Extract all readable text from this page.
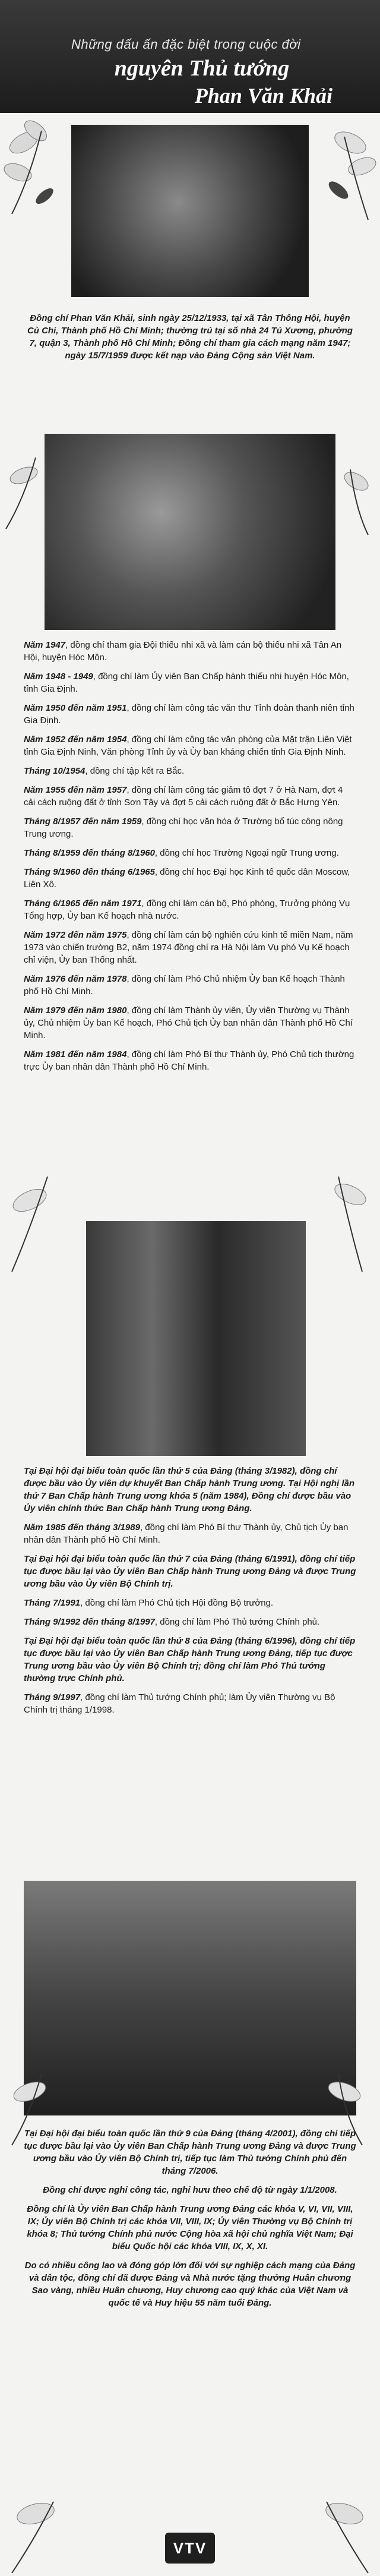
Những dấu ấn đặc biệt trong cuộc đời
nguyên Thủ tướng
Phan Văn Khải
Đồng chí Phan Văn Khải, sinh ngày 25/12/1933, tại xã Tân Thông Hội, huyện Củ Chi, Thành phố Hồ Chí Minh; thường trú tại số nhà 24 Tú Xương, phường 7, quận 3, Thành phố Hồ Chí Minh; Đồng chí tham gia cách mạng năm 1947; ngày 15/7/1959 được kết nạp vào Đảng Cộng sản Việt Nam.

Năm 1947, đồng chí tham gia Đội thiếu nhi xã và làm cán bộ thiếu nhi xã Tân An Hội, huyện Hóc Môn.

Năm 1948 - 1949, đồng chí làm Ủy viên Ban Chấp hành thiếu nhi huyện Hóc Môn, tỉnh Gia Định.

Năm 1950 đến năm 1951, đồng chí làm công tác văn thư Tỉnh đoàn thanh niên tỉnh Gia Định.

Năm 1952 đến năm 1954, đồng chí làm công tác văn phòng của Mặt trận Liên Việt tỉnh Gia Định Ninh, Văn phòng Tỉnh ủy và Ủy ban kháng chiến tỉnh Gia Định Ninh.

Tháng 10/1954, đồng chí tập kết ra Bắc.

Năm 1955 đến năm 1957, đồng chí làm công tác giảm tô đợt 7 ở Hà Nam, đợt 4 cải cách ruộng đất ở tỉnh Sơn Tây và đợt 5 cải cách ruộng đất ở Bắc Hưng Yên.

Tháng 8/1957 đến năm 1959, đồng chí học văn hóa ở Trường bổ túc công nông Trung ương.

Tháng 8/1959 đến tháng 8/1960, đồng chí học Trường Ngoại ngữ Trung ương.

Tháng 9/1960 đến tháng 6/1965, đồng chí học Đại học Kinh tế quốc dân Moscow, Liên Xô.

Tháng 6/1965 đến năm 1971, đồng chí làm cán bộ, Phó phòng, Trưởng phòng Vụ Tổng hợp, Ủy ban Kế hoạch nhà nước.

Năm 1972 đến năm 1975, đồng chí làm cán bộ nghiên cứu kinh tế miền Nam, năm 1973 vào chiến trường B2, năm 1974 đồng chí ra Hà Nội làm Vụ phó Vụ Kế hoạch chỉ viện, Ủy ban Thống nhất.

Năm 1976 đến năm 1978, đồng chí làm Phó Chủ nhiệm Ủy ban Kế hoạch Thành phố Hồ Chí Minh.

Năm 1979 đến năm 1980, đồng chí làm Thành ủy viên, Ủy viên Thường vụ Thành ủy, Chủ nhiệm Ủy ban Kế hoạch, Phó Chủ tịch Ủy ban nhân dân Thành phố Hồ Chí Minh.

Năm 1981 đến năm 1984, đồng chí làm Phó Bí thư Thành ủy, Phó Chủ tịch thường trực Ủy ban nhân dân Thành phố Hồ Chí Minh.

Tại Đại hội đại biểu toàn quốc lần thứ 5 của Đảng (tháng 3/1982), đồng chí được bầu vào Ủy viên dự khuyết Ban Chấp hành Trung ương. Tại Hội nghị lần thứ 7 Ban Chấp hành Trung ương khóa 5 (năm 1984), Đồng chí được bầu vào Ủy viên chính thức Ban Chấp hành Trung ương Đảng.

Năm 1985 đến tháng 3/1989, đồng chí làm Phó Bí thư Thành ủy, Chủ tịch Ủy ban nhân dân Thành phố Hồ Chí Minh.

Tại Đại hội đại biểu toàn quốc lần thứ 7 của Đảng (tháng 6/1991), đồng chí tiếp tục được bầu lại vào Ủy viên Ban Chấp hành Trung ương Đảng và được Trung ương bầu vào Ủy viên Bộ Chính trị.

Tháng 7/1991, đồng chí làm Phó Chủ tịch Hội đồng Bộ trưởng.

Tháng 9/1992 đến tháng 8/1997, đồng chí làm Phó Thủ tướng Chính phủ.

Tại Đại hội đại biểu toàn quốc lần thứ 8 của Đảng (tháng 6/1996), đồng chí tiếp tục được bầu lại vào Ủy viên Ban Chấp hành Trung ương Đảng, tiếp tục được Trung ương bầu vào Ủy viên Bộ Chính trị; đồng chí làm Phó Thủ tướng thường trực Chính phủ.

Tháng 9/1997, đồng chí làm Thủ tướng Chính phủ; làm Ủy viên Thường vụ Bộ Chính trị tháng 1/1998.

Tại Đại hội đại biểu toàn quốc lần thứ 9 của Đảng (tháng 4/2001), đồng chí tiếp tục được bầu lại vào Ủy viên Ban Chấp hành Trung ương Đảng và được Trung ương bầu vào Ủy viên Bộ Chính trị, tiếp tục làm Thủ tướng Chính phủ đến tháng 7/2006.

Đồng chí được nghỉ công tác, nghỉ hưu theo chế độ từ ngày 1/1/2008.

Đồng chí là Ủy viên Ban Chấp hành Trung ương Đảng các khóa V, VI, VII, VIII, IX; Ủy viên Bộ Chính trị các khóa VII, VIII, IX; Ủy viên Thường vụ Bộ Chính trị khóa 8; Thủ tướng Chính phủ nước Cộng hòa xã hội chủ nghĩa Việt Nam; Đại biểu Quốc hội các khóa VIII, IX, X, XI.

Do có nhiều công lao và đóng góp lớn đối với sự nghiệp cách mạng của Đảng và dân tộc, đồng chí đã được Đảng và Nhà nước tặng thưởng Huân chương Sao vàng, nhiều Huân chương, Huy chương cao quý khác của Việt Nam và quốc tế và Huy hiệu 55 năm tuổi Đảng.

VTV
